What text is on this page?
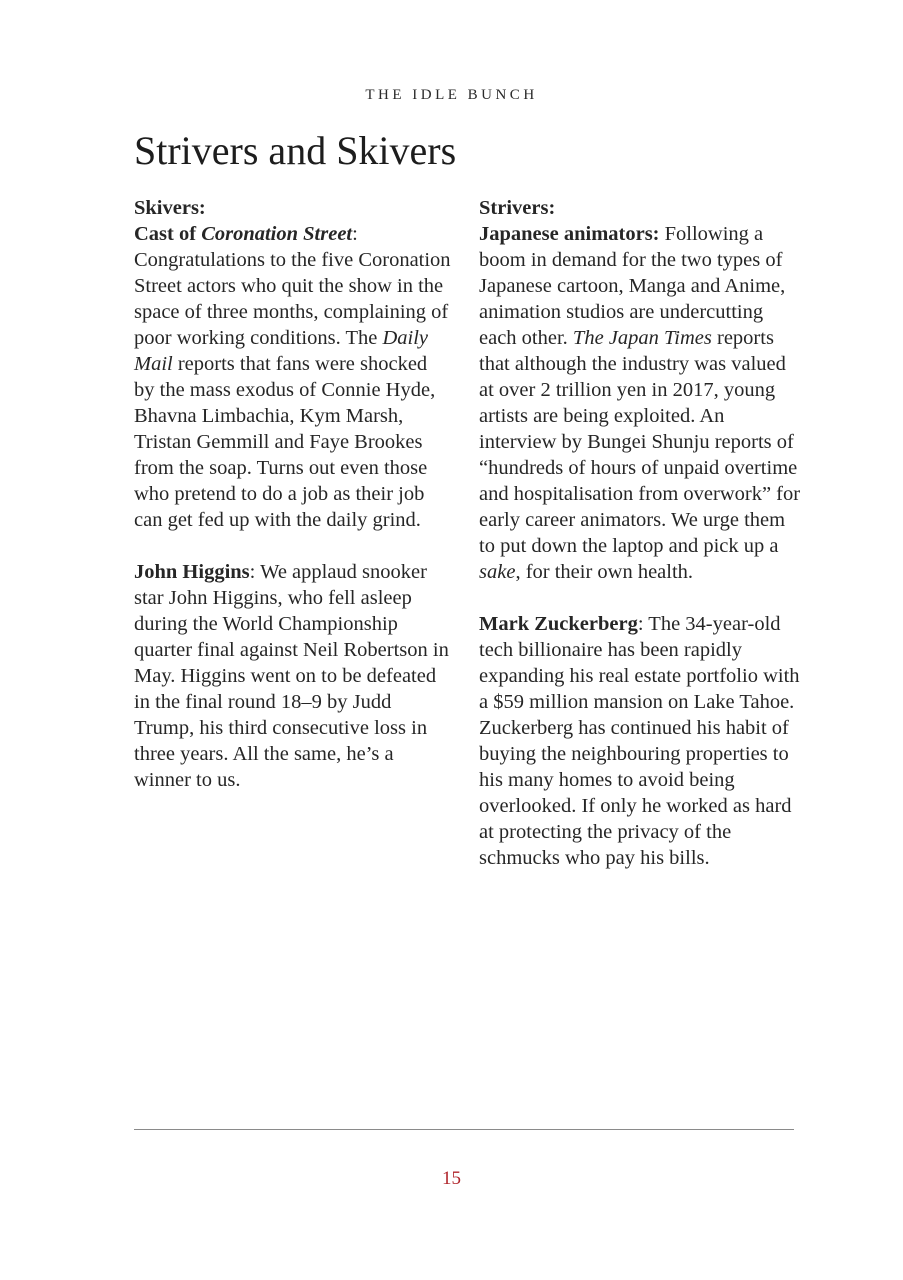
THE IDLE BUNCH
Strivers and Skivers

Skivers:
Cast of Coronation Street: Congratulations to the five Coronation Street actors who quit the show in the space of three months, complaining of poor working conditions. The Daily Mail reports that fans were shocked by the mass exodus of Connie Hyde, Bhavna Limbachia, Kym Marsh, Tristan Gemmill and Faye Brookes from the soap. Turns out even those who pretend to do a job as their job can get fed up with the daily grind.

John Higgins: We applaud snooker star John Higgins, who fell asleep during the World Championship quarter final against Neil Robertson in May. Higgins went on to be defeated in the final round 18–9 by Judd Trump, his third consecutive loss in three years. All the same, he’s a winner to us.

Strivers:
Japanese animators: Following a boom in demand for the two types of Japanese cartoon, Manga and Anime, animation studios are undercutting each other. The Japan Times reports that although the industry was valued at over 2 trillion yen in 2017, young artists are being exploited. An interview by Bungei Shunju reports of “hundreds of hours of unpaid overtime and hospitalisation from overwork” for early career animators. We urge them to put down the laptop and pick up a sake, for their own health.

Mark Zuckerberg: The 34-year-old tech billionaire has been rapidly expanding his real estate portfolio with a $59 million mansion on Lake Tahoe. Zuckerberg has continued his habit of buying the neighbouring properties to his many homes to avoid being overlooked. If only he worked as hard at protecting the privacy of the schmucks who pay his bills.

15
